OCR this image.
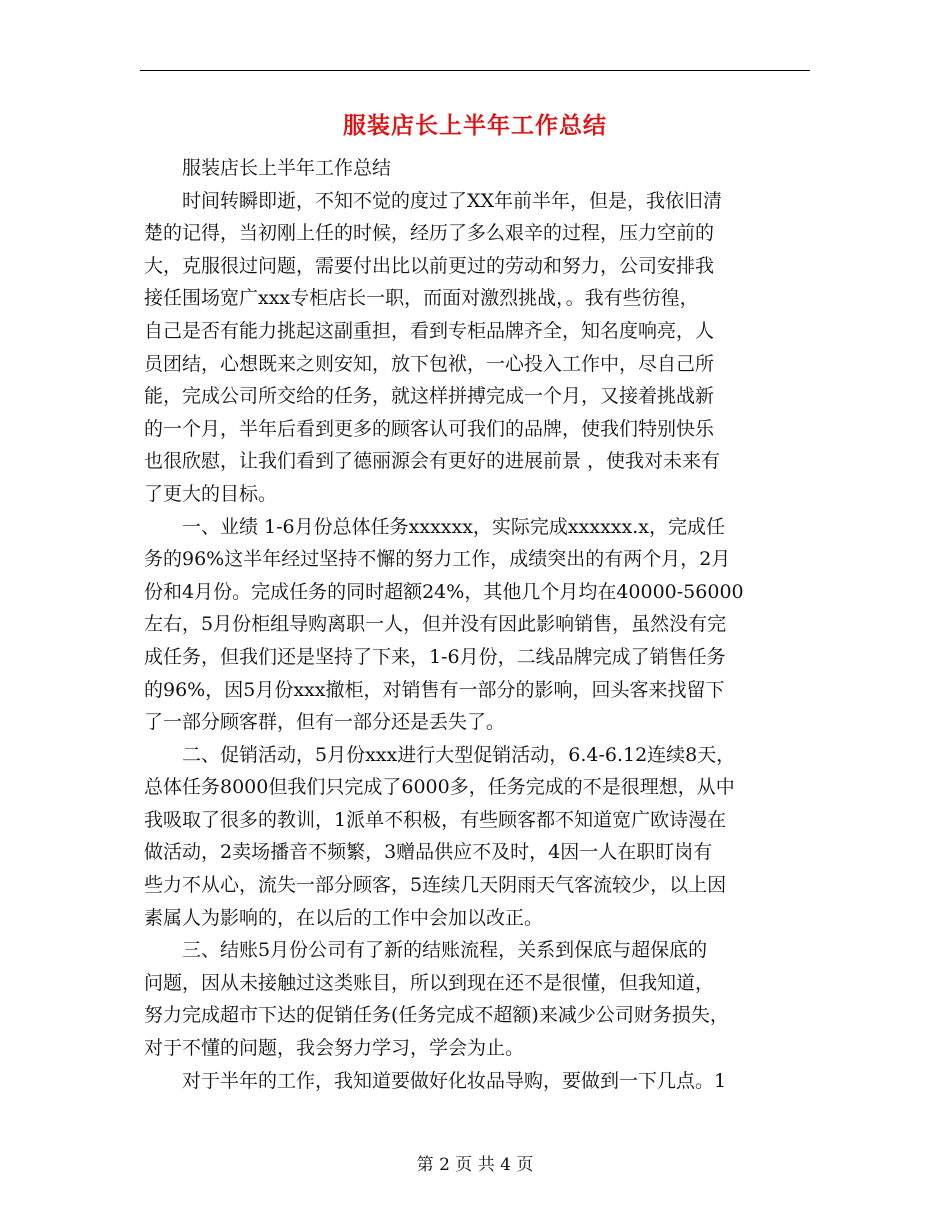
服装店长上半年工作总结
　　服装店长上半年工作总结
　　时间转瞬即逝，不知不觉的度过了XX年前半年，但是，我依旧清
楚的记得，当初刚上任的时候，经历了多么艰辛的过程，压力空前的
大，克服很过问题，需要付出比以前更过的劳动和努力，公司安排我
接任围场宽广xxx专柜店长一职，而面对激烈挑战，。我有些彷徨，
自己是否有能力挑起这副重担，看到专柜品牌齐全，知名度响亮，人
员团结，心想既来之则安知，放下包袱，一心投入工作中，尽自己所
能，完成公司所交给的任务，就这样拼搏完成一个月，又接着挑战新
的一个月，半年后看到更多的顾客认可我们的品牌，使我们特别快乐
也很欣慰，让我们看到了德丽源会有更好的进展前景 ，使我对未来有
了更大的目标。
　　一、业绩 1-6月份总体任务xxxxxx，实际完成xxxxxx.x，完成任
务的96%这半年经过坚持不懈的努力工作，成绩突出的有两个月，2月
份和4月份。完成任务的同时超额24%，其他几个月均在40000-56000
左右，5月份柜组导购离职一人，但并没有因此影响销售，虽然没有完
成任务，但我们还是坚持了下来，1-6月份，二线品牌完成了销售任务
的96%，因5月份xxx撤柜，对销售有一部分的影响，回头客来找留下
了一部分顾客群，但有一部分还是丢失了。
　　二、促销活动，5月份xxx进行大型促销活动，6.4-6.12连续8天，
总体任务8000但我们只完成了6000多，任务完成的不是很理想，从中
我吸取了很多的教训，1派单不积极，有些顾客都不知道宽广欧诗漫在
做活动，2卖场播音不频繁，3赠品供应不及时，4因一人在职盯岗有
些力不从心，流失一部分顾客，5连续几天阴雨天气客流较少，以上因
素属人为影响的，在以后的工作中会加以改正。
　　三、结账5月份公司有了新的结账流程，关系到保底与超保底的
问题，因从未接触过这类账目，所以到现在还不是很懂，但我知道，
努力完成超市下达的促销任务(任务完成不超额)来减少公司财务损失，
对于不懂的问题，我会努力学习，学会为止。
　　对于半年的工作，我知道要做好化妆品导购，要做到一下几点。1
第 2 页 共 4 页
